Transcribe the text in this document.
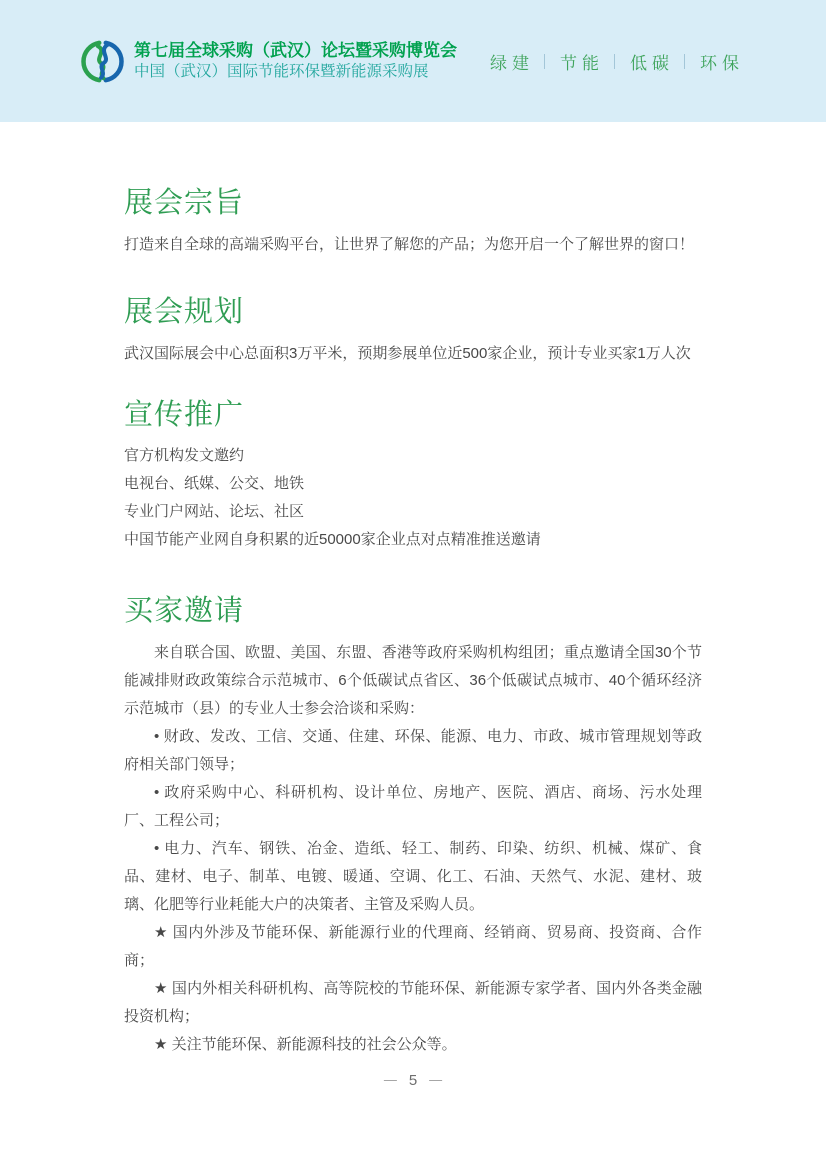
第七届全球采购（武汉）论坛暨采购博览会
中国（武汉）国际节能环保暨新能源采购展	绿建 节能 低碳 环保
展会宗旨

打造来自全球的高端采购平台，让世界了解您的产品；为您开启一个了解世界的窗口！

展会规划

武汉国际展会中心总面积3万平米，预期参展单位近500家企业，预计专业买家1万人次

宣传推广

官方机构发文邀约

电视台、纸媒、公交、地铁

专业门户网站、论坛、社区

中国节能产业网自身积累的近50000家企业点对点精准推送邀请

买家邀请

来自联合国、欧盟、美国、东盟、香港等政府采购机构组团；重点邀请全国30个节能减排财政政策综合示范城市、6个低碳试点省区、36个低碳试点城市、40个循环经济示范城市（县）的专业人士参会洽谈和采购：

• 财政、发改、工信、交通、住建、环保、能源、电力、市政、城市管理规划等政府相关部门领导；

• 政府采购中心、科研机构、设计单位、房地产、医院、酒店、商场、污水处理厂、工程公司；

• 电力、汽车、钢铁、冶金、造纸、轻工、制药、印染、纺织、机械、煤矿、食品、建材、电子、制革、电镀、暖通、空调、化工、石油、天然气、水泥、建材、玻璃、化肥等行业耗能大户的决策者、主管及采购人员。

★ 国内外涉及节能环保、新能源行业的代理商、经销商、贸易商、投资商、合作商；

★ 国内外相关科研机构、高等院校的节能环保、新能源专家学者、国内外各类金融投资机构；

★ 关注节能环保、新能源科技的社会公众等。

— 5 —
